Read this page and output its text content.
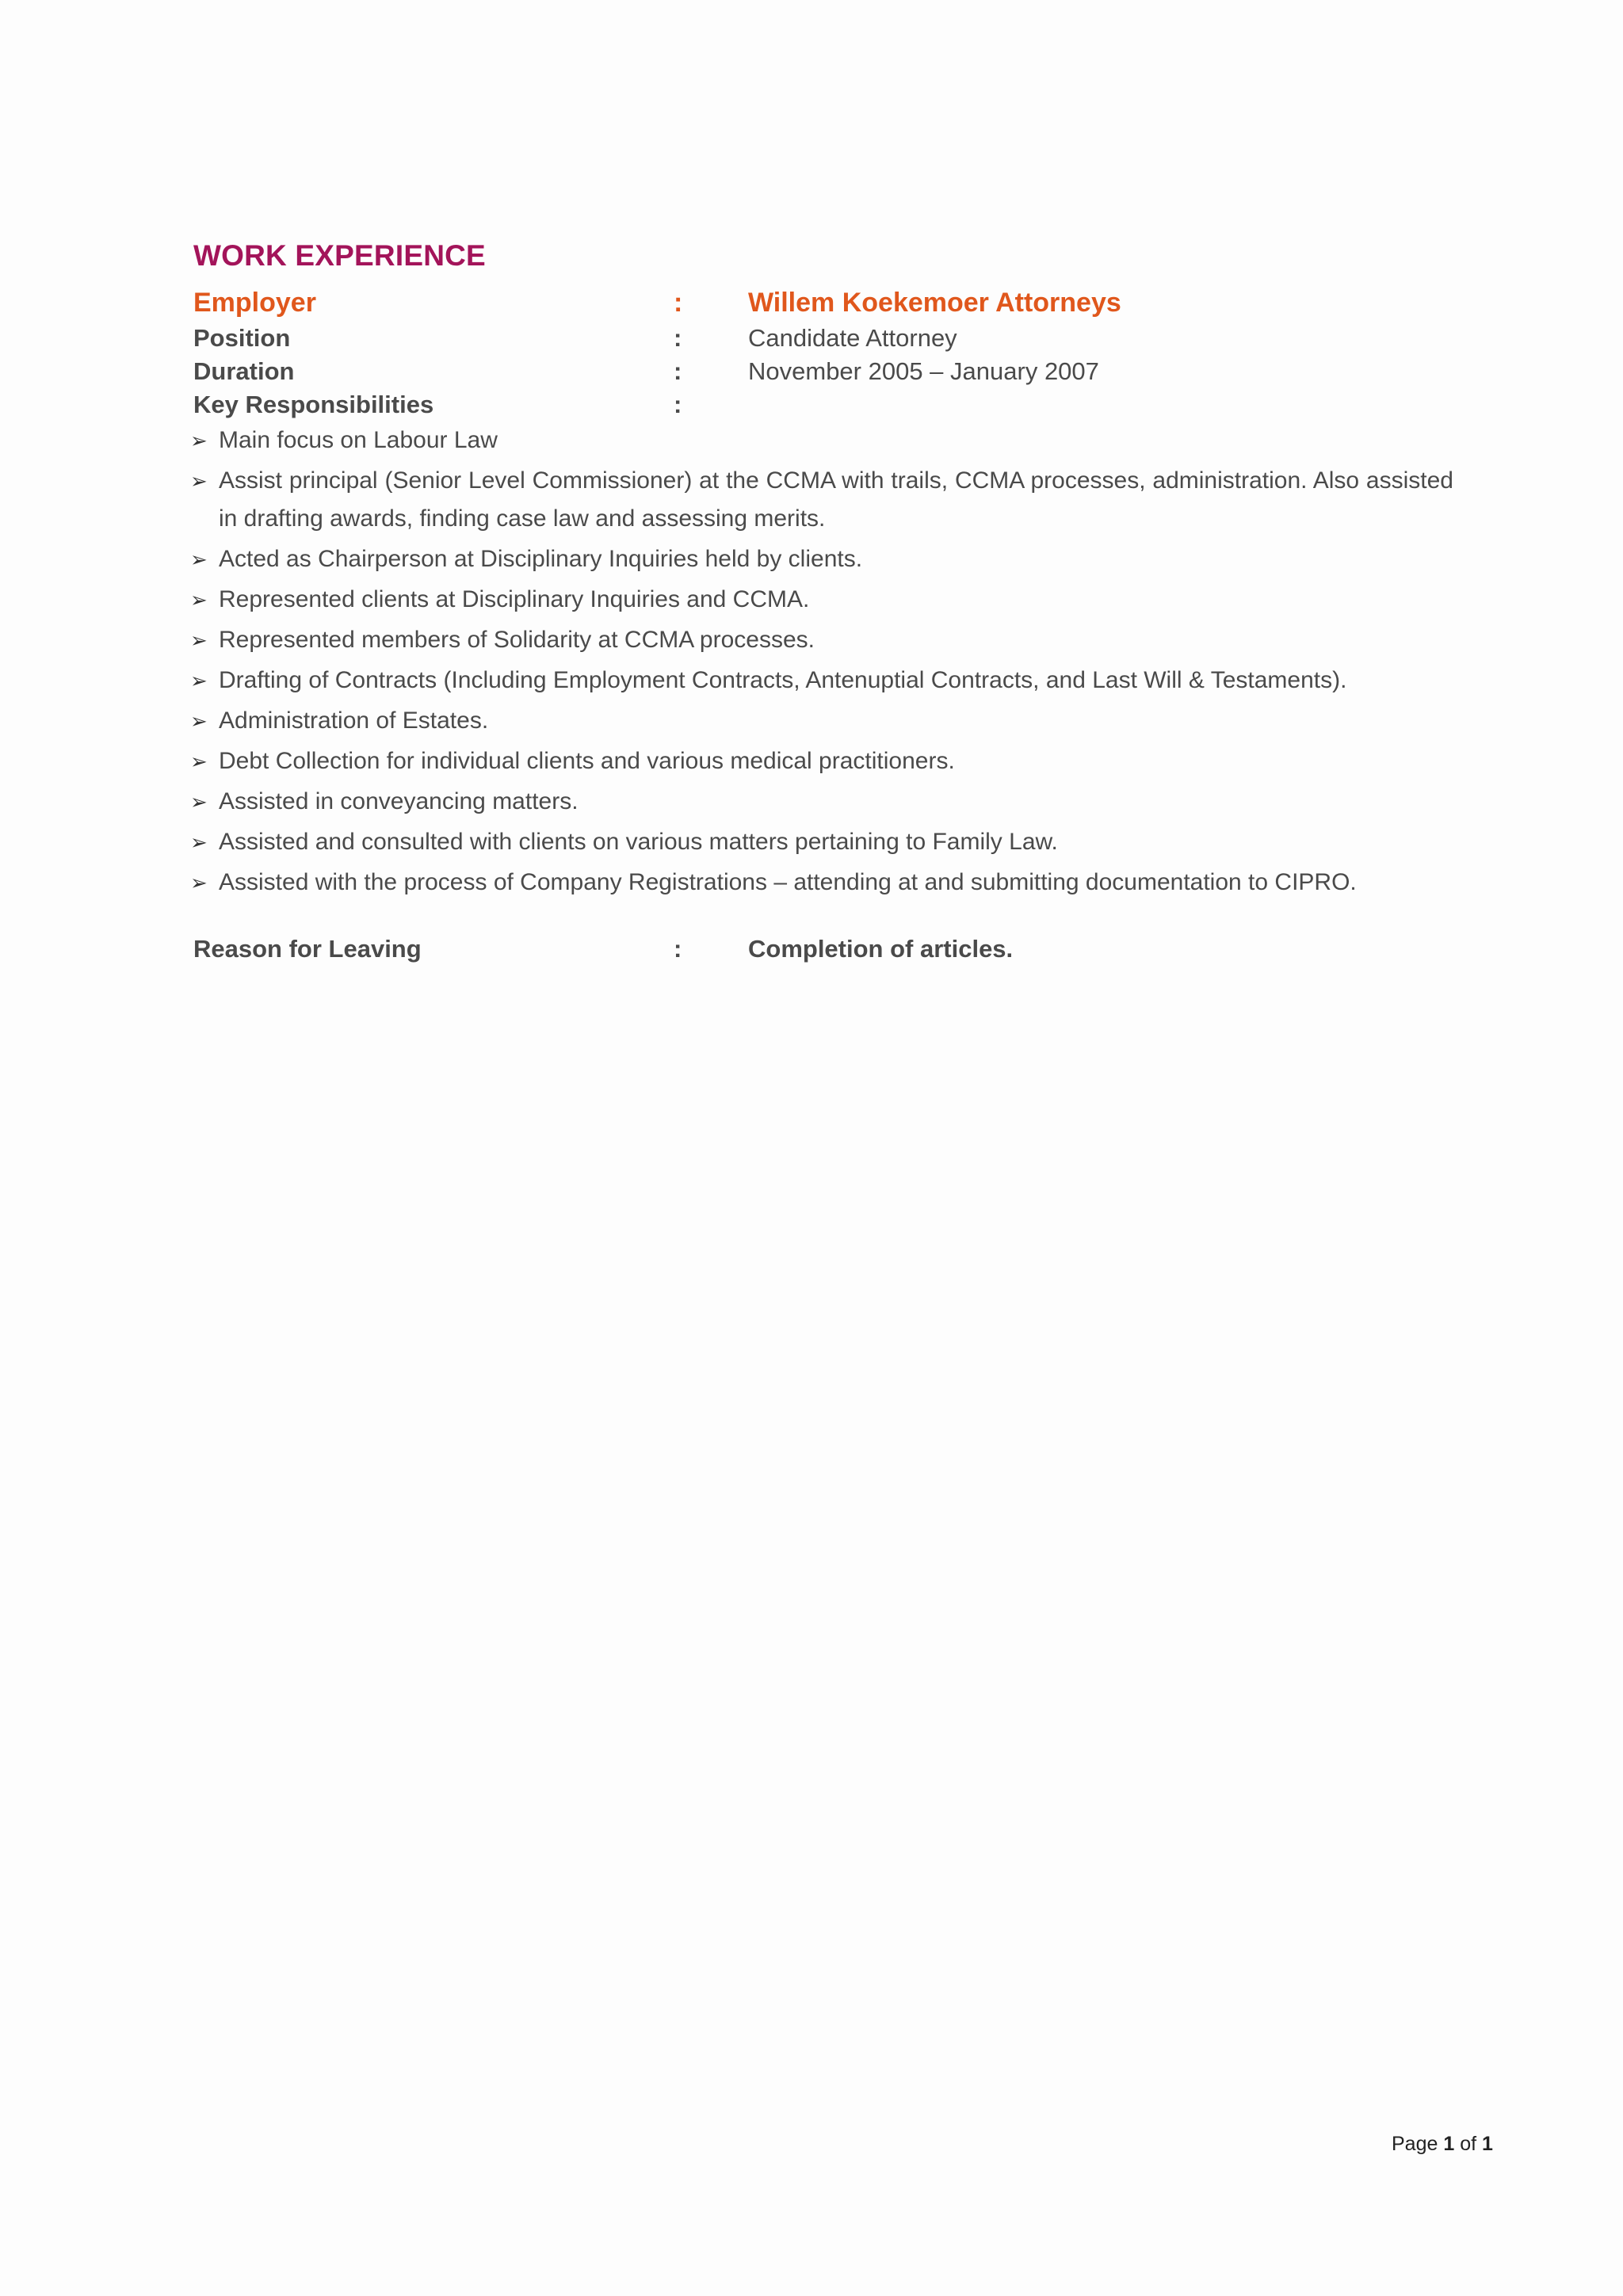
WORK EXPERIENCE
Employer	: Willem Koekemoer Attorneys
Position	:	Candidate Attorney
Duration	:	November 2005 – January 2007
Key Responsibilities	:
➢ Main focus on Labour Law
➢ Assist principal (Senior Level Commissioner) at the CCMA with trails, CCMA processes, administration. Also assisted in drafting awards, finding case law and assessing merits.
➢ Acted as Chairperson at Disciplinary Inquiries held by clients.
➢ Represented clients at Disciplinary Inquiries and CCMA.
➢ Represented members of Solidarity at CCMA processes.
➢ Drafting of Contracts (Including Employment Contracts, Antenuptial Contracts, and Last Will & Testaments).
➢ Administration of Estates.
➢ Debt Collection for individual clients and various medical practitioners.
➢ Assisted in conveyancing matters.
➢ Assisted and consulted with clients on various matters pertaining to Family Law.
➢ Assisted with the process of Company Registrations – attending at and submitting documentation to CIPRO.
Reason for Leaving	:	Completion of articles.
Page 1 of 1
